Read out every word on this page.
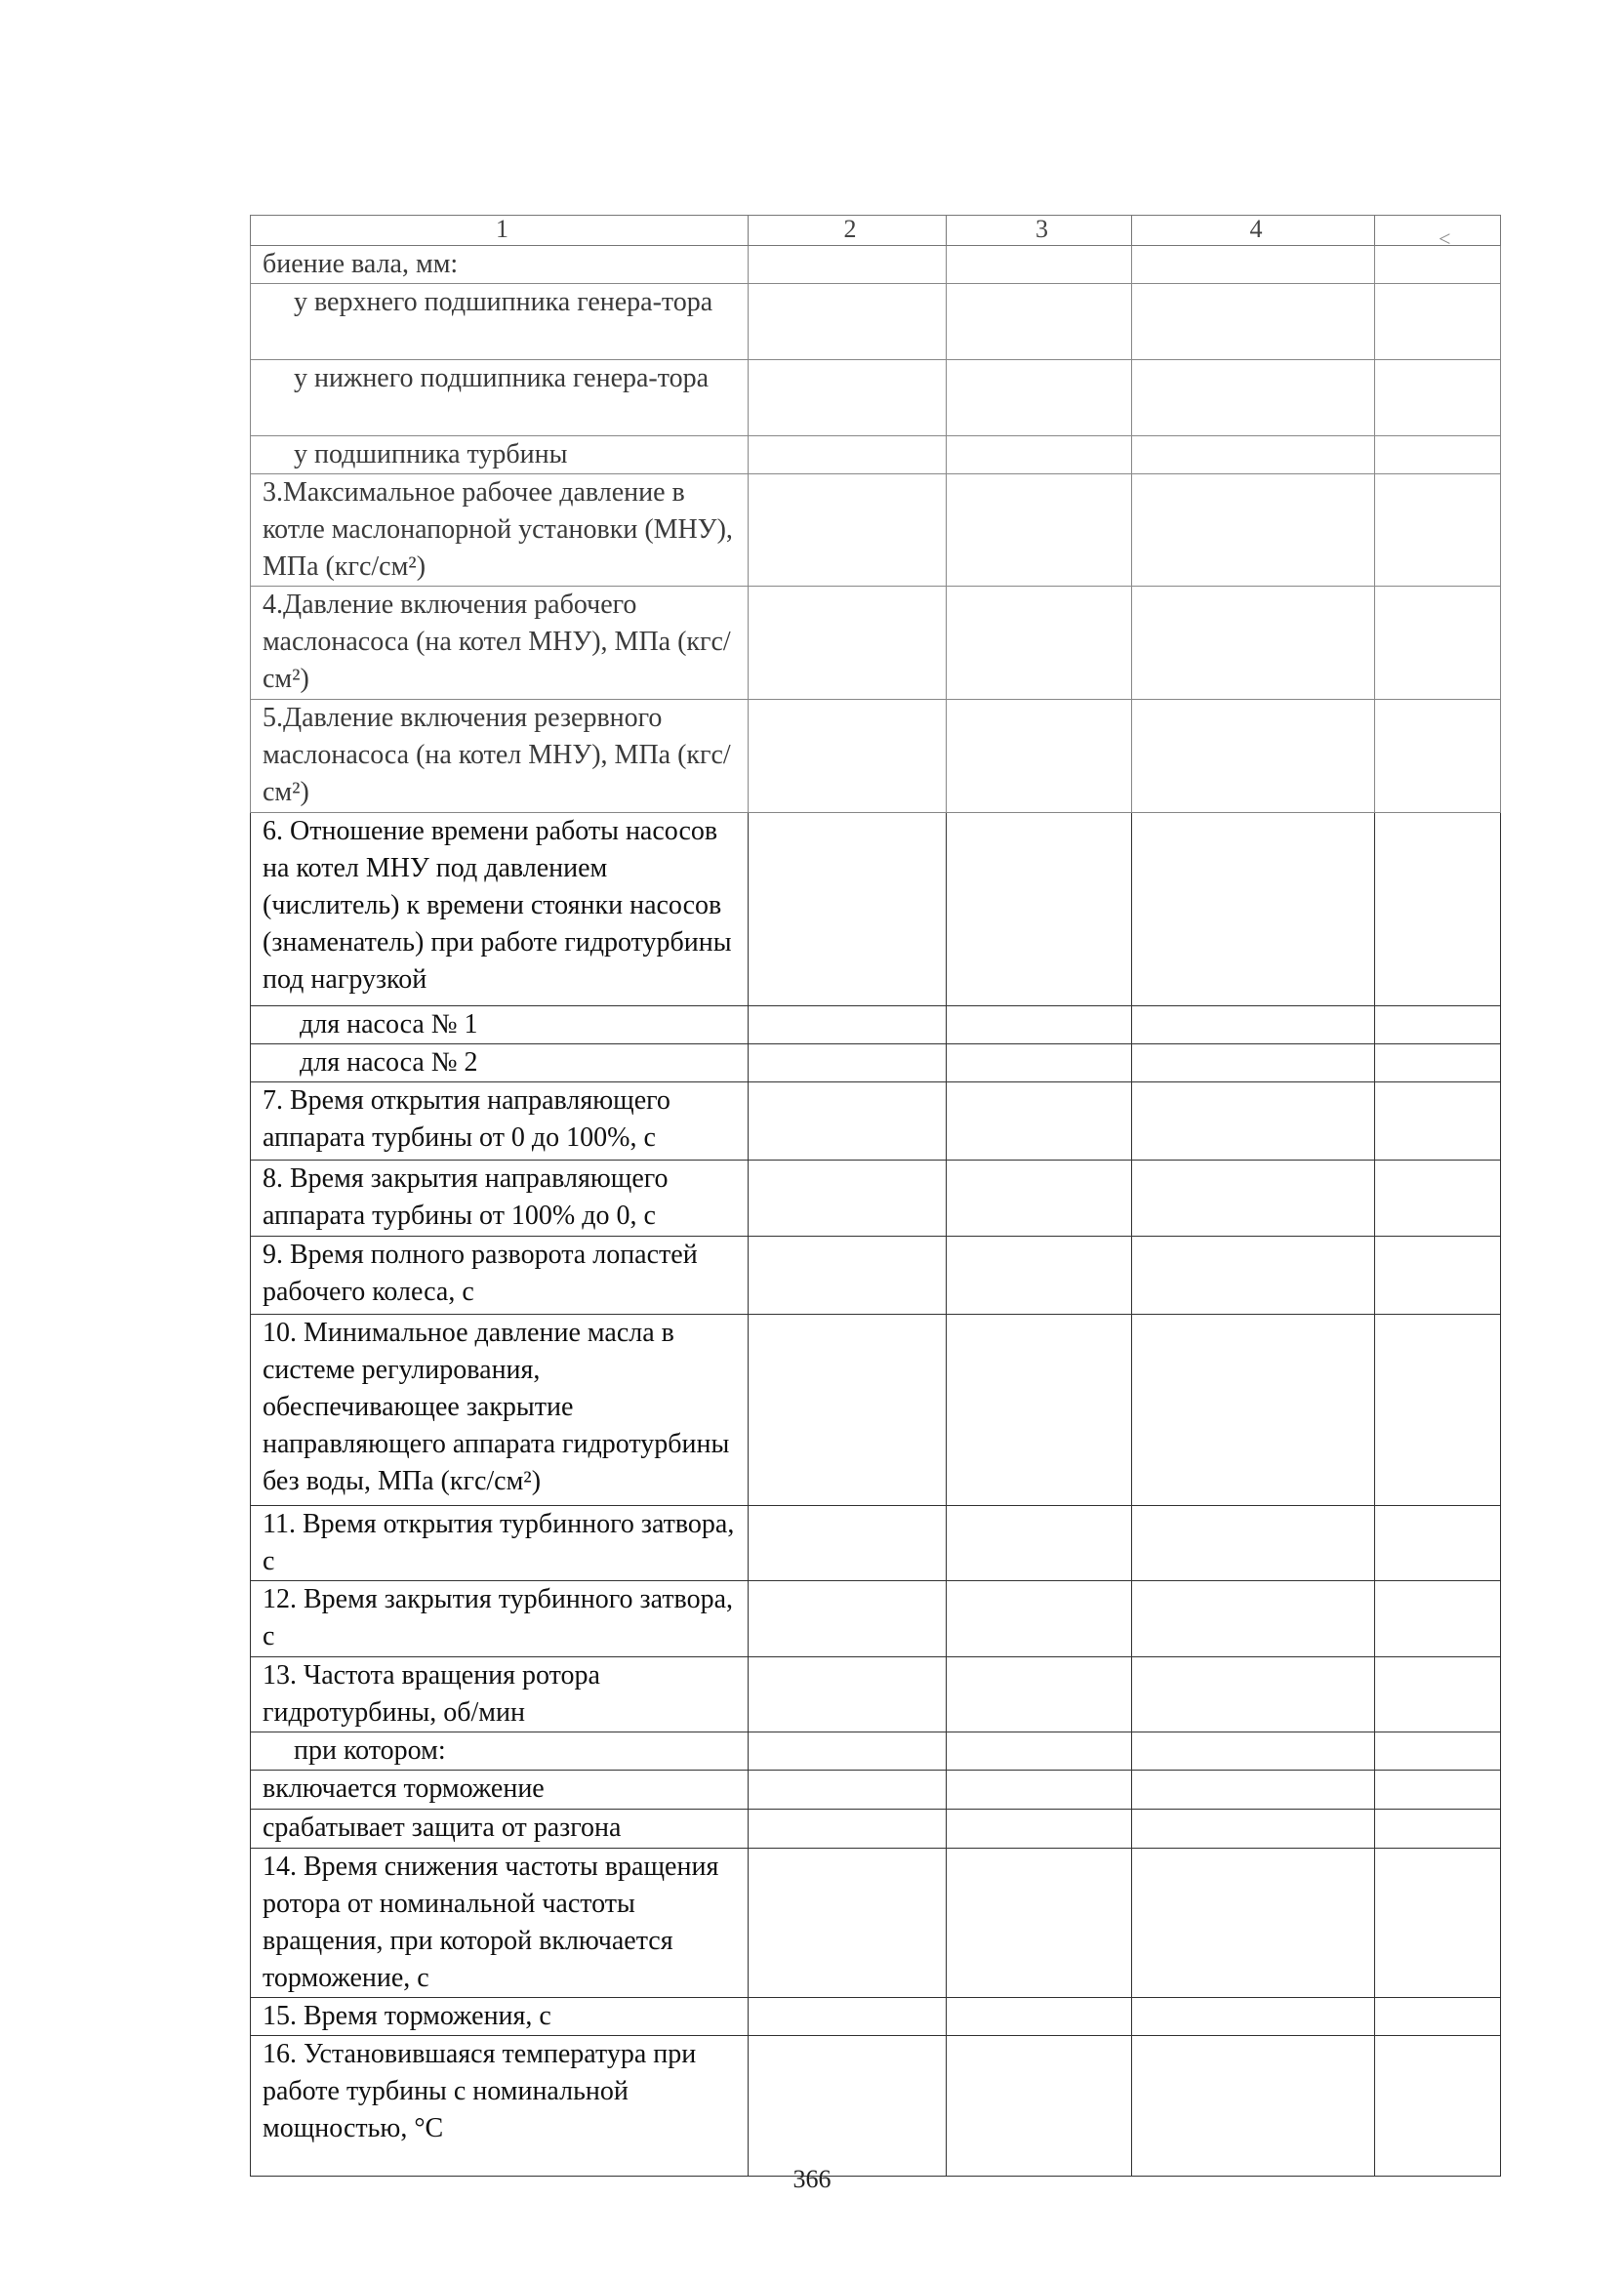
<
1	2	3	4	
биение вала, мм:				
у верхнего подшипника генера-тора				
у нижнего подшипника генера-тора				
у подшипника турбины				
3.Максимальное рабочее давление в котле маслонапорной установки (МНУ), МПа (кгс/см²)				
4.Давление включения рабочего маслонасоса (на котел МНУ), МПа (кгс/см²)				
5.Давление включения резервного маслонасоса (на котел МНУ), МПа (кгс/см²)				
6. Отношение времени работы насосов на котел МНУ под давлением (числитель) к времени стоянки насосов (знаменатель) при работе гидротурбины под нагрузкой				
для насоса № 1				
для насоса № 2				
7. Время открытия направляющего аппарата турбины от 0 до 100%, с				
8. Время закрытия направляющего аппарата турбины от 100% до 0, с				
9. Время полного разворота лопастей рабочего колеса, с				
10. Минимальное давление масла в системе регулирования, обеспечивающее закрытие направляющего аппарата гидротурбины без воды, МПа (кгс/см²)				
11. Время открытия турбинного затвора, с				
12. Время закрытия турбинного затвора, с				
13. Частота вращения ротора гидротурбины, об/мин				
при котором:				
включается торможение				
срабатывает защита от разгона				
14. Время снижения частоты вращения ротора от номинальной частоты вращения, при которой включается торможение, с				
15. Время торможения, с				
16. Установившаяся температура при работе турбины с номинальной мощностью, °С				
366
